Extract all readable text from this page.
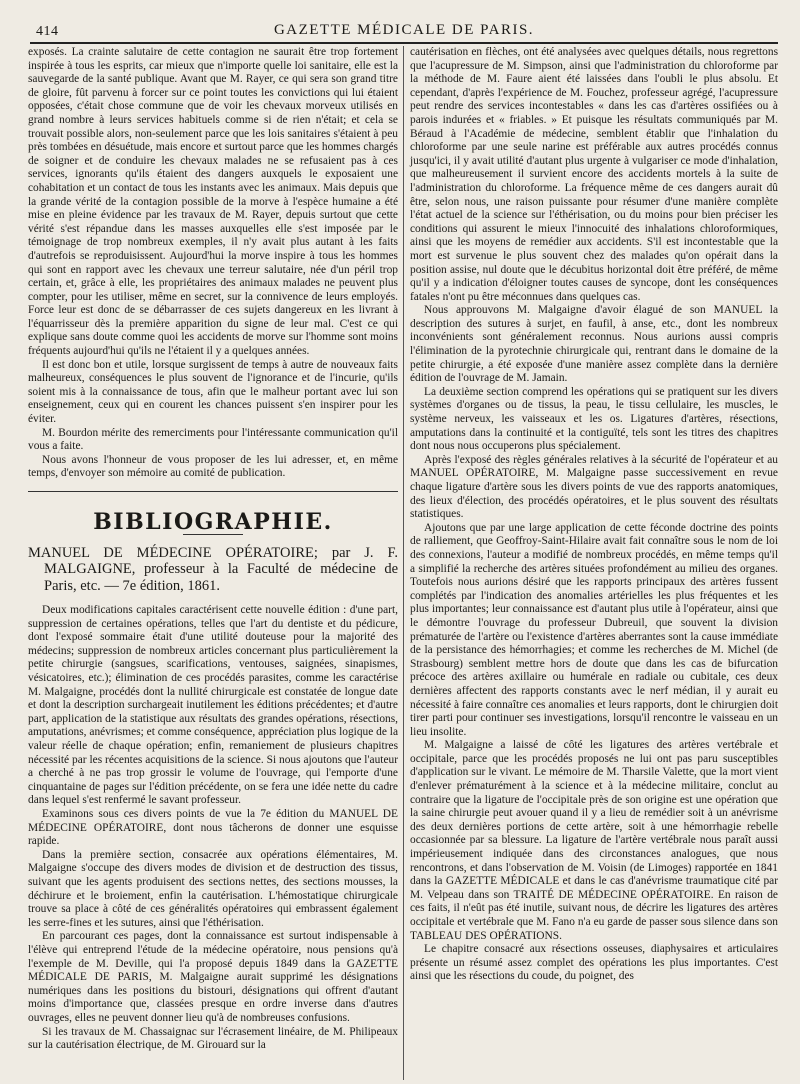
414	GAZETTE MÉDICALE DE PARIS.

exposés. La crainte salutaire de cette contagion ne saurait être trop fortement inspirée à tous les esprits, car mieux que n'importe quelle loi sanitaire, elle est la sauvegarde de la santé publique. Avant que M. Rayer, ce qui sera son grand titre de gloire, fût parvenu à forcer sur ce point toutes les convictions qui lui étaient opposées, c'était chose commune que de voir les chevaux morveux utilisés en grand nombre à leurs services habituels comme si de rien n'était; et cela se trouvait possible alors, non-seulement parce que les lois sanitaires s'étaient à peu près tombées en désuétude, mais encore et surtout parce que les hommes chargés de soigner et de conduire les chevaux malades ne se refusaient pas à ces services, ignorants qu'ils étaient des dangers auxquels le exposaient une cohabitation et un contact de tous les instants avec les animaux. Mais depuis que la grande vérité de la contagion possible de la morve à l'espèce humaine a été mise en pleine évidence par les travaux de M. Rayer, depuis surtout que cette vérité s'est répandue dans les masses auxquelles elle s'est imposée par le témoignage de trop nombreux exemples, il n'y avait plus autant à les faits d'autrefois se reproduisissent. Aujourd'hui la morve inspire à tous les hommes qui sont en rapport avec les chevaux une terreur salutaire, née d'un péril trop certain, et, grâce à elle, les propriétaires des animaux malades ne peuvent plus compter, pour les utiliser, même en secret, sur la connivence de leurs employés. Force leur est donc de se débarrasser de ces sujets dangereux en les livrant à l'équarrisseur dès la première apparition du signe de leur mal. C'est ce qui explique sans doute comme quoi les accidents de morve sur l'homme sont moins fréquents aujourd'hui qu'ils ne l'étaient il y a quelques années.

Il est donc bon et utile, lorsque surgissent de temps à autre de nouveaux faits malheureux, conséquences le plus souvent de l'ignorance et de l'incurie, qu'ils soient mis à la connaissance de tous, afin que le malheur portant avec lui son enseignement, ceux qui en courent les chances puissent s'en inspirer pour les éviter.

M. Bourdon mérite des remerciments pour l'intéressante communication qu'il vous a faite.

Nous avons l'honneur de vous proposer de les lui adresser, et, en même temps, d'envoyer son mémoire au comité de publication.

BIBLIOGRAPHIE.
MANUEL DE MÉDECINE OPÉRATOIRE; par J. F. MALGAIGNE, professeur à la Faculté de médecine de Paris, etc. — 7e édition, 1861.

Deux modifications capitales caractérisent cette nouvelle édition : d'une part, suppression de certaines opérations, telles que l'art du dentiste et du pédicure, dont l'exposé sommaire était d'une utilité douteuse pour la majorité des médecins; suppression de nombreux articles concernant plus particulièrement la petite chirurgie (sangsues, scarifications, ventouses, saignées, sinapismes, vésicatoires, etc.); élimination de ces procédés parasites, comme les caractérise M. Malgaigne, procédés dont la nullité chirurgicale est constatée de longue date et dont la description surchargeait inutilement les éditions précédentes; et d'autre part, application de la statistique aux résultats des grandes opérations, résections, amputations, anévrismes; et comme conséquence, appréciation plus logique de la valeur réelle de chaque opération; enfin, remaniement de plusieurs chapitres nécessité par les récentes acquisitions de la science. Si nous ajoutons que l'auteur a cherché à ne pas trop grossir le volume de l'ouvrage, qui l'emporte d'une cinquantaine de pages sur l'édition précédente, on se fera une idée nette du cadre dans lequel s'est renfermé le savant professeur.

Examinons sous ces divers points de vue la 7e édition du MANUEL DE MÉDECINE OPÉRATOIRE, dont nous tâcherons de donner une esquisse rapide.

Dans la première section, consacrée aux opérations élémentaires, M. Malgaigne s'occupe des divers modes de division et de destruction des tissus, suivant que les agents produisent des sections nettes, des sections mousses, la déchirure et le broiement, enfin la cautérisation. L'hémostatique chirurgicale trouve sa place à côté de ces généralités opératoires qui embrassent également les serre-fines et les sutures, ainsi que l'éthérisation.

En parcourant ces pages, dont la connaissance est surtout indispensable à l'élève qui entreprend l'étude de la médecine opératoire, nous pensions qu'à l'exemple de M. Deville, qui l'a proposé depuis 1849 dans la GAZETTE MÉDICALE DE PARIS, M. Malgaigne aurait supprimé les désignations numériques dans les positions du bistouri, désignations qui offrent d'autant moins d'importance que, classées presque en ordre inverse dans d'autres ouvrages, elles ne peuvent donner lieu qu'à de nombreuses confusions.

Si les travaux de M. Chassaignac sur l'écrasement linéaire, de M. Philipeaux sur la cautérisation électrique, de M. Girouard sur la

cautérisation en flèches, ont été analysées avec quelques détails, nous regrettons que l'acupressure de M. Simpson, ainsi que l'administration du chloroforme par la méthode de M. Faure aient été laissées dans l'oubli le plus absolu. Et cependant, d'après l'expérience de M. Fouchez, professeur agrégé, l'acupressure peut rendre des services incontestables « dans les cas d'artères ossifiées ou à parois indurées et « friables. » Et puisque les résultats communiqués par M. Béraud à l'Académie de médecine, semblent établir que l'inhalation du chloroforme par une seule narine est préférable aux autres procédés connus jusqu'ici, il y avait utilité d'autant plus urgente à vulgariser ce mode d'inhalation, que malheureusement il survient encore des accidents mortels à la suite de l'administration du chloroforme. La fréquence même de ces dangers aurait dû être, selon nous, une raison puissante pour résumer d'une manière complète l'état actuel de la science sur l'éthérisation, ou du moins pour bien préciser les conditions qui assurent le mieux l'innocuité des inhalations chloroformiques, ainsi que les moyens de remédier aux accidents. S'il est incontestable que la mort est survenue le plus souvent chez des malades qu'on opérait dans la position assise, nul doute que le décubitus horizontal doit être préféré, de même qu'il y a indication d'éloigner toutes causes de syncope, dont les conséquences fatales n'ont pu être méconnues dans quelques cas.

Nous approuvons M. Malgaigne d'avoir élagué de son MANUEL la description des sutures à surjet, en faufil, à anse, etc., dont les nombreux inconvénients sont généralement reconnus. Nous aurions aussi compris l'élimination de la pyrotechnie chirurgicale qui, rentrant dans le domaine de la petite chirurgie, a été exposée d'une manière assez complète dans la dernière édition de l'ouvrage de M. Jamain.

La deuxième section comprend les opérations qui se pratiquent sur les divers systèmes d'organes ou de tissus, la peau, le tissu cellulaire, les muscles, le système nerveux, les vaisseaux et les os. Ligatures d'artères, résections, amputations dans la continuité et la contiguïté, tels sont les titres des chapitres dont nous nous occuperons plus spécialement.

Après l'exposé des règles générales relatives à la sécurité de l'opérateur et au MANUEL OPÉRATOIRE, M. Malgaigne passe successivement en revue chaque ligature d'artère sous les divers points de vue des rapports anatomiques, des lieux d'élection, des procédés opératoires, et le plus souvent des résultats statistiques.

Ajoutons que par une large application de cette féconde doctrine des points de ralliement, que Geoffroy-Saint-Hilaire avait fait connaître sous le nom de loi des connexions, l'auteur a modifié de nombreux procédés, en même temps qu'il a simplifié la recherche des artères situées profondément au milieu des organes. Toutefois nous aurions désiré que les rapports principaux des artères fussent complétés par l'indication des anomalies artérielles les plus fréquentes et les plus importantes; leur connaissance est d'autant plus utile à l'opérateur, ainsi que le démontre l'ouvrage du professeur Dubreuil, que souvent la division prématurée de l'artère ou l'existence d'artères aberrantes sont la cause immédiate de la persistance des hémorrhagies; et comme les recherches de M. Michel (de Strasbourg) semblent mettre hors de doute que dans les cas de bifurcation précoce des artères axillaire ou humérale en radiale ou cubitale, ces deux dernières affectent des rapports constants avec le nerf médian, il y aurait eu nécessité à faire connaître ces anomalies et leurs rapports, dont le chirurgien doit tirer parti pour continuer ses investigations, lorsqu'il rencontre le vaisseau en un lieu insolite.

M. Malgaigne a laissé de côté les ligatures des artères vertébrale et occipitale, parce que les procédés proposés ne lui ont pas paru susceptibles d'application sur le vivant. Le mémoire de M. Tharsile Valette, que la mort vient d'enlever prématurément à la science et à la médecine militaire, conclut au contraire que la ligature de l'occipitale près de son origine est une opération que la saine chirurgie peut avouer quand il y a lieu de remédier soit à un anévrisme des deux dernières portions de cette artère, soit à une hémorrhagie rebelle occasionnée par sa blessure. La ligature de l'artère vertébrale nous paraît aussi impérieusement indiquée dans des circonstances analogues, que nous rencontrons, et dans l'observation de M. Voisin (de Limoges) rapportée en 1841 dans la GAZETTE MÉDICALE et dans le cas d'anévrisme traumatique cité par M. Velpeau dans son TRAITÉ DE MÉDECINE OPÉRATOIRE. En raison de ces faits, il n'eût pas été inutile, suivant nous, de décrire les ligatures des artères occipitale et vertébrale que M. Fano n'a eu garde de passer sous silence dans son TABLEAU DES OPÉRATIONS.

Le chapitre consacré aux résections osseuses, diaphysaires et articulaires présente un résumé assez complet des opérations les plus importantes. C'est ainsi que les résections du coude, du poignet, des
